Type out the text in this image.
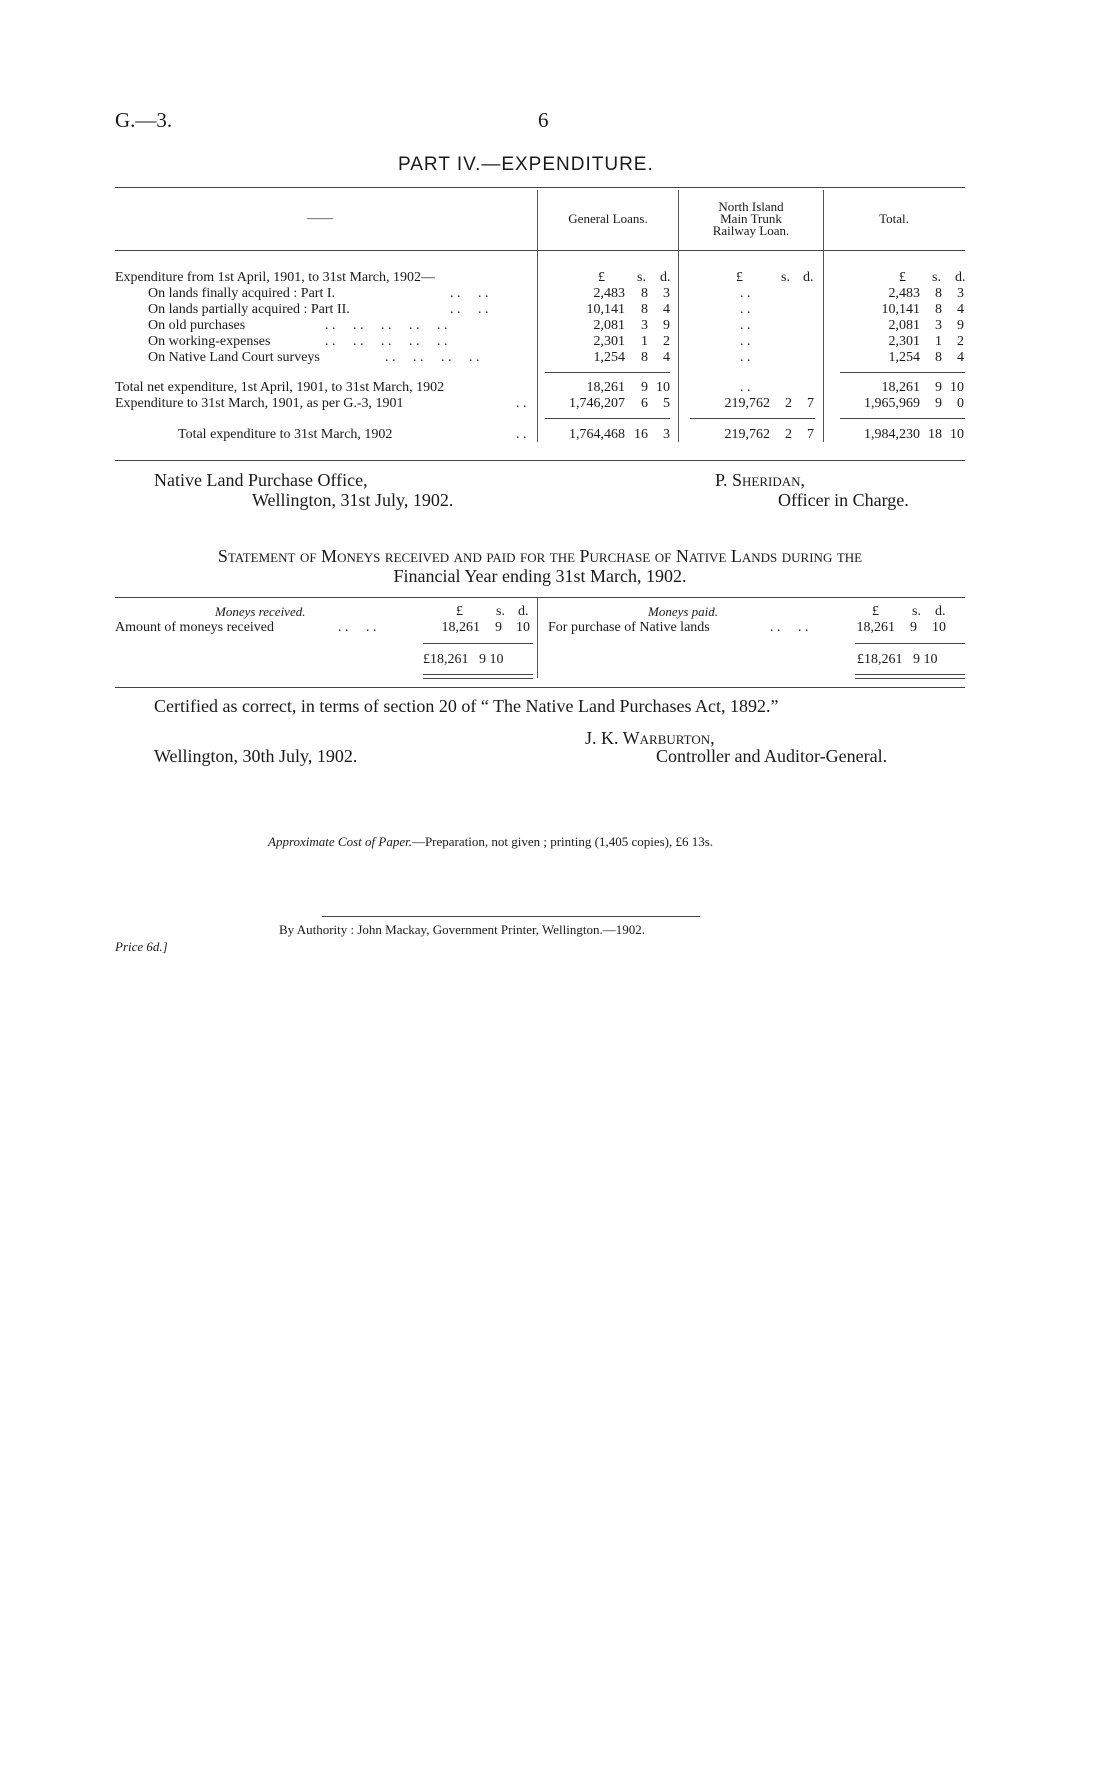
G.—3.	6
PART IV.—EXPENDITURE.
——	General Loans.
North Island
Main Trunk
Railway Loan.
Total.
£ s. d.	£	s. d.	£ s. d.
Expenditure from 1st April, 1901, to 31st March, 1902—
On lands finally acquired : Part I.	. .     . .	2,483	8	3	. .	2,483	8	3
On lands partially acquired : Part II.	. .     . .	10,141	8	4	. .	10,141	8	4
On old purchases	. .     . .     . .     . .     . .	2,081	3	9	. .	2,081	3	9
On working-expenses	. .     . .     . .     . .     . .	2,301	1	2	. .	2,301	1	2
On Native Land Court surveys	. .     . .     . .     . .	1,254	8	4	. .	1,254	8	4
Total net expenditure, 1st April, 1901, to 31st March, 1902	18,261	9 10	. .	18,261	9 10
Expenditure to 31st March, 1901, as per G.-3, 1901	. .	1,746,207	6	5	219,762	2	7	1,965,969	9	0
Total expenditure to 31st March, 1902	. .	1,764,468 16	3	219,762	2	7	1,984,230 18 10
Native Land Purchase Office,
Wellington, 31st July, 1902.
P. Sheridan,
Officer in Charge.
Statement of Moneys received and paid for the Purchase of Native Lands during the
Financial Year ending 31st March, 1902.
Moneys received.	£ s. d.	Moneys paid.	£ s. d.
Amount of moneys received	. .     . .	18,261	9	10 For purchase of Native lands	. .     . .	18,261	9	10
£18,261   9 10	£18,261   9 10
Certified as correct, in terms of section 20 of “ The Native Land Purchases Act, 1892.”
J. K. Warburton,
Wellington, 30th July, 1902.	Controller and Auditor-General.
Approximate Cost of Paper.—Preparation, not given ; printing (1,405 copies), £6 13s.
By Authority : John Mackay, Government Printer, Wellington.—1902.
Price 6d.]
